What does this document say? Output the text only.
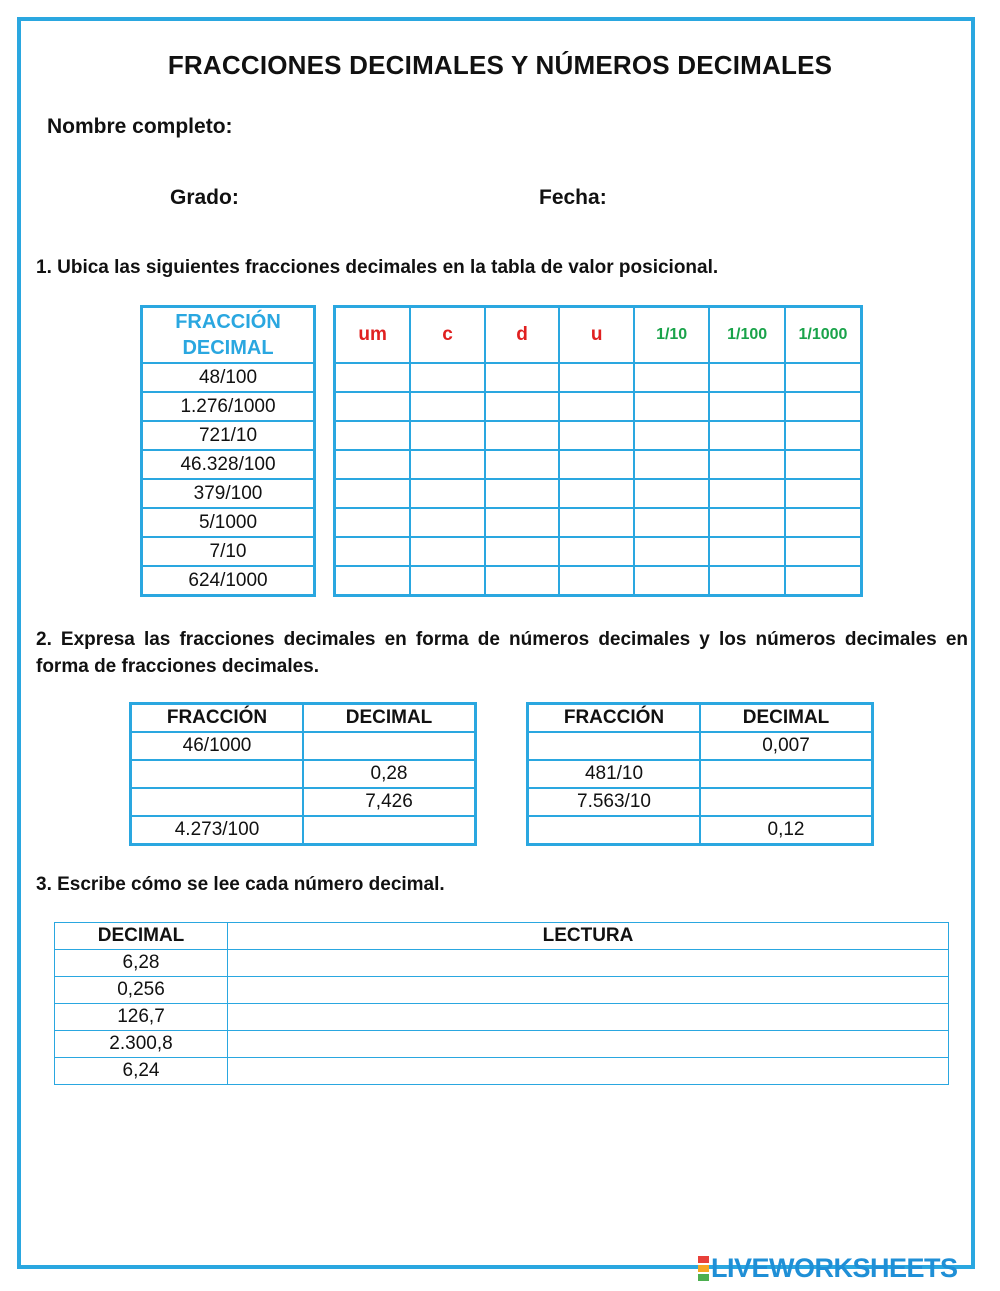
FRACCIONES DECIMALES Y NÚMEROS DECIMALES
Nombre completo:
Grado:	Fecha:
1. Ubica las siguientes fracciones decimales en la tabla de valor posicional.
FRACCIÓN
DECIMAL
48/100
1.276/1000
721/10
46.328/100
379/100
5/1000
7/10
624/1000
um	c	d	u	1/10	1/100	1/1000

2. Expresa las fracciones decimales en forma de números decimales y los números decimales en forma de fracciones decimales.
FRACCIÓN	DECIMAL
46/1000	
	0,28
	7,426
4.273/100	
FRACCIÓN	DECIMAL
	0,007
481/10	
7.563/10	
	0,12
3. Escribe cómo se lee cada número decimal.
DECIMAL	LECTURA
6,28	
0,256	
126,7	
2.300,8	
6,24	
LIVEWORKSHEETS
